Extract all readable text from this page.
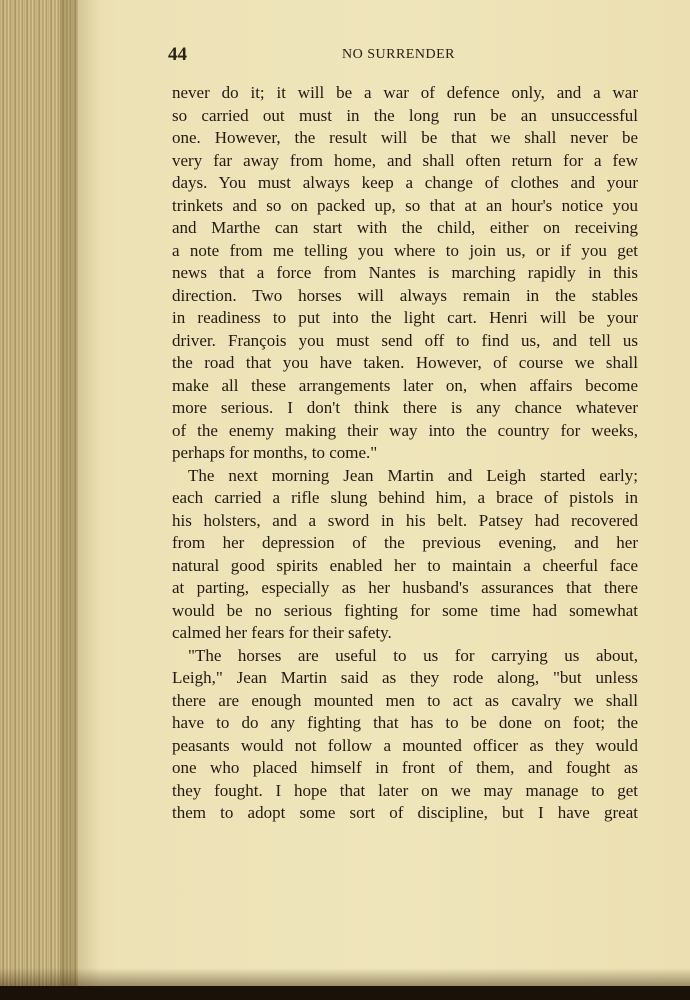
44	NO SURRENDER
never do it; it will be a war of defence only, and a war
so carried out must in the long run be an unsuccessful
one. However, the result will be that we shall never be
very far away from home, and shall often return for a few
days. You must always keep a change of clothes and your
trinkets and so on packed up, so that at an hour's notice you
and Marthe can start with the child, either on receiving
a note from me telling you where to join us, or if you get
news that a force from Nantes is marching rapidly in this
direction. Two horses will always remain in the stables
in readiness to put into the light cart. Henri will be your
driver. François you must send off to find us, and tell us
the road that you have taken. However, of course we shall
make all these arrangements later on, when affairs become
more serious. I don't think there is any chance whatever
of the enemy making their way into the country for weeks,
perhaps for months, to come."
The next morning Jean Martin and Leigh started early;
each carried a rifle slung behind him, a brace of pistols in
his holsters, and a sword in his belt. Patsey had recovered
from her depression of the previous evening, and her
natural good spirits enabled her to maintain a cheerful face
at parting, especially as her husband's assurances that there
would be no serious fighting for some time had somewhat
calmed her fears for their safety.
"The horses are useful to us for carrying us about,
Leigh," Jean Martin said as they rode along, "but unless
there are enough mounted men to act as cavalry we shall
have to do any fighting that has to be done on foot; the
peasants would not follow a mounted officer as they would
one who placed himself in front of them, and fought as
they fought. I hope that later on we may manage to get
them to adopt some sort of discipline, but I have great
